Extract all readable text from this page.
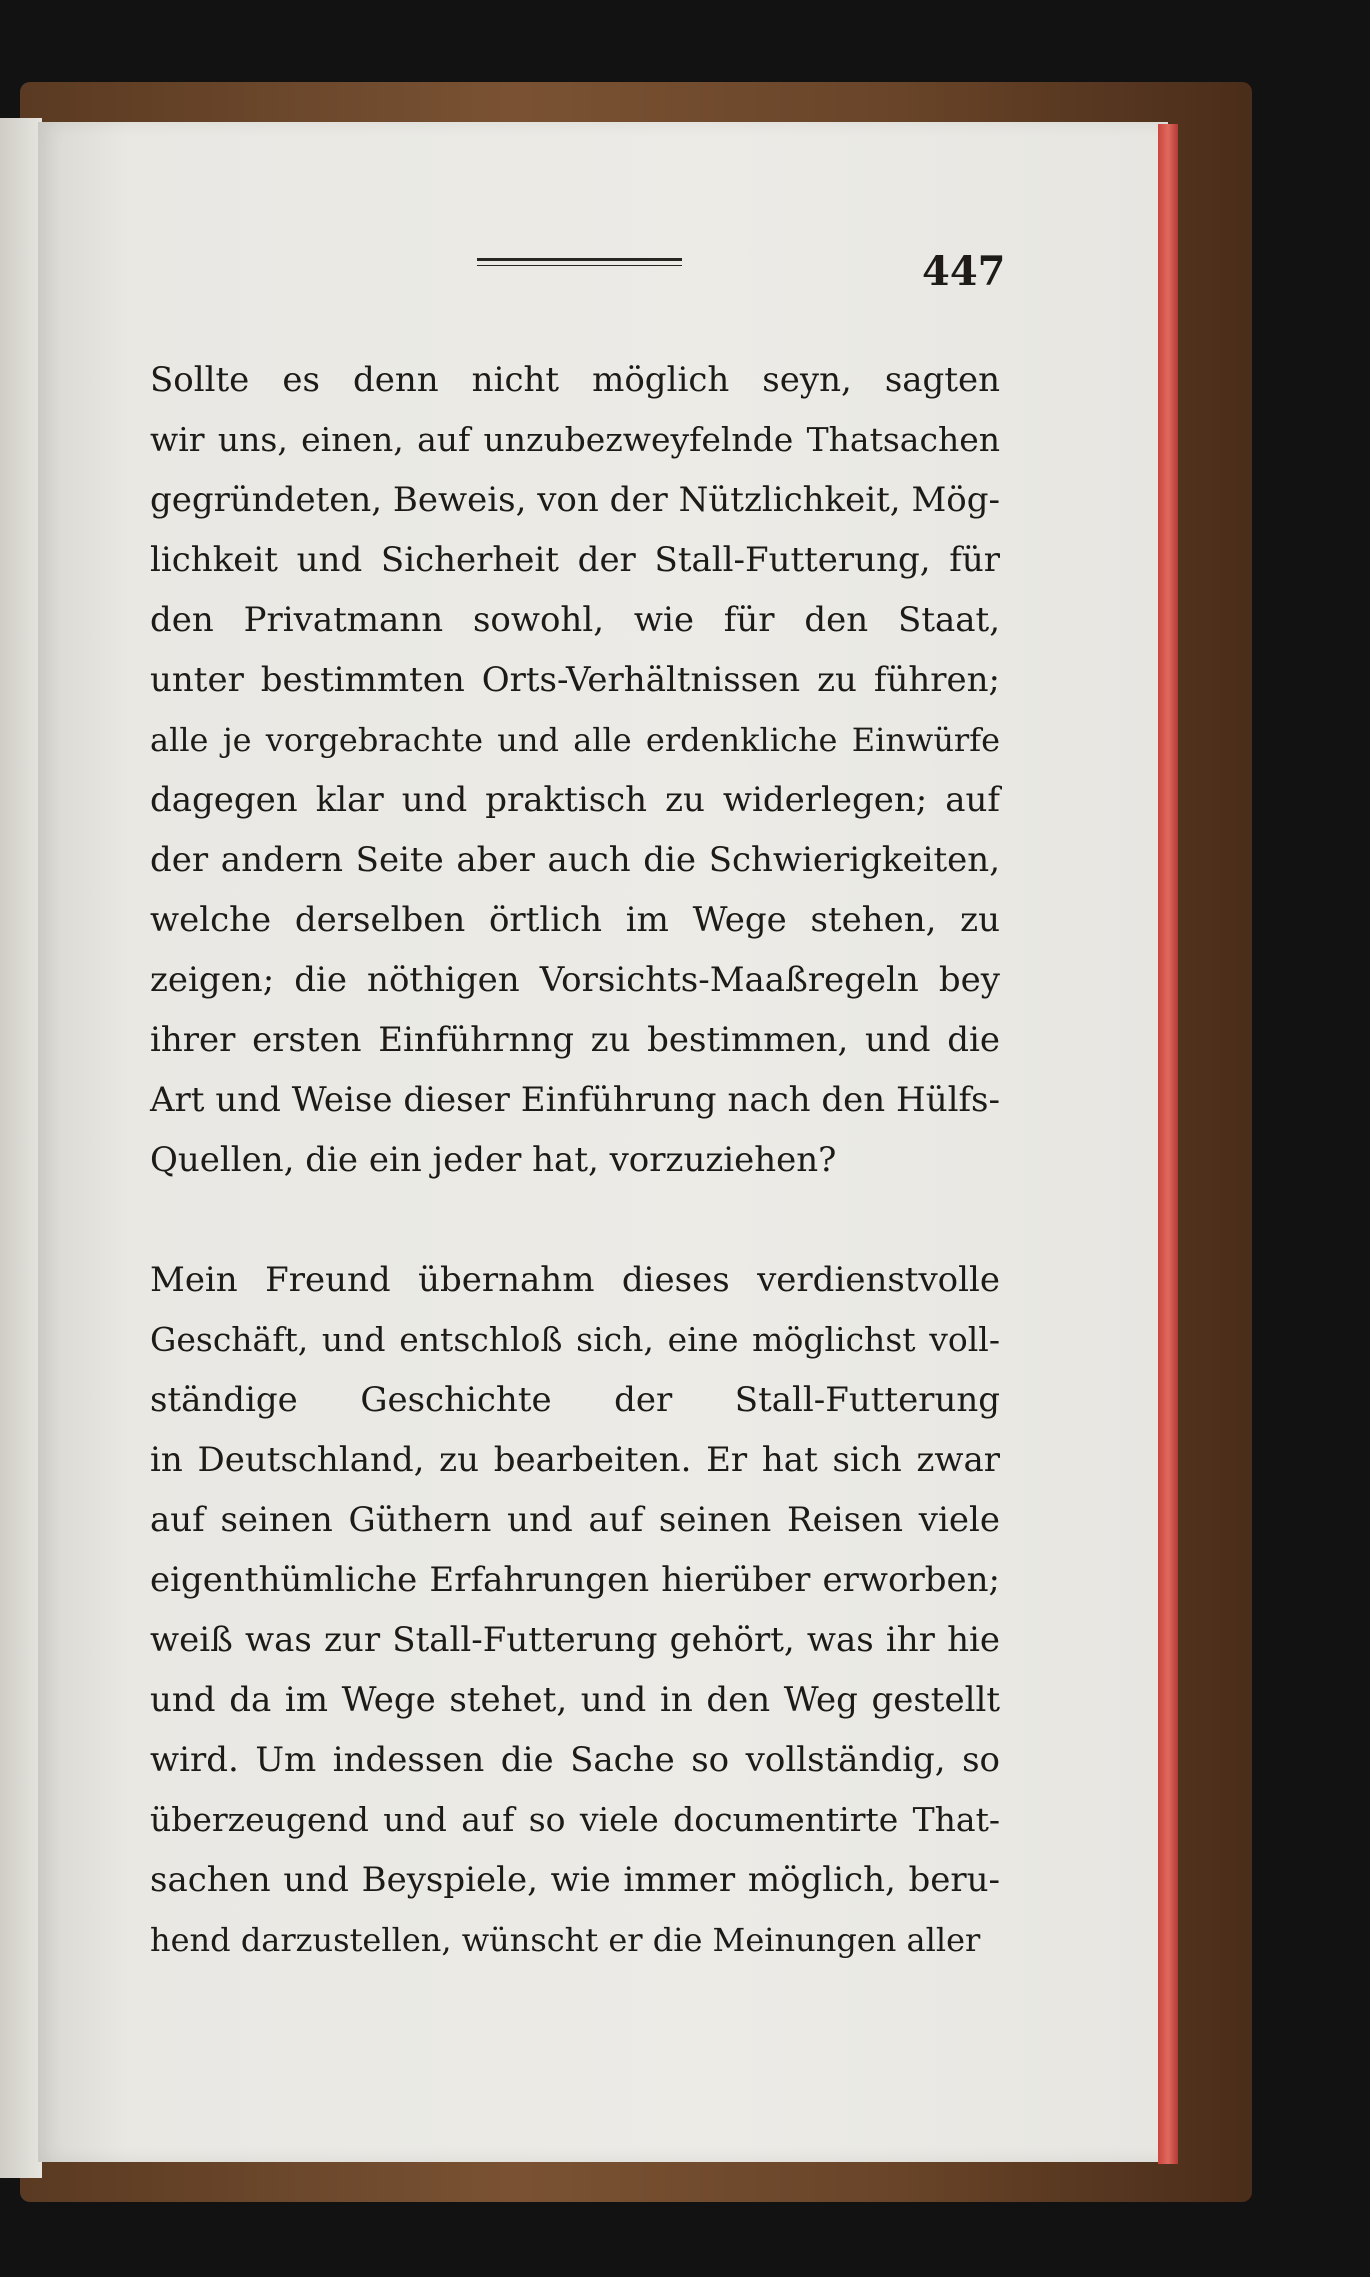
447

Sollte es denn nicht möglich seyn, sagten
wir uns, einen, auf unzubezweyfelnde Thatsachen
gegründeten, Beweis, von der Nützlichkeit, Mög-
lichkeit und Sicherheit der Stall-Futterung, für
den Privatmann sowohl, wie für den Staat,
unter bestimmten Orts-Verhältnissen zu führen;
alle je vorgebrachte und alle erdenkliche Einwürfe
dagegen klar und praktisch zu widerlegen; auf
der andern Seite aber auch die Schwierigkeiten,
welche derselben örtlich im Wege stehen, zu
zeigen; die nöthigen Vorsichts-Maaßregeln bey
ihrer ersten Einführnng zu bestimmen, und die
Art und Weise dieser Einführung nach den Hülfs-
Quellen, die ein jeder hat, vorzuziehen?

Mein Freund übernahm dieses verdienstvolle
Geschäft, und entschloß sich, eine möglichst voll-
ständige Geschichte der Stall-Futterung
in Deutschland, zu bearbeiten. Er hat sich zwar
auf seinen Güthern und auf seinen Reisen viele
eigenthümliche Erfahrungen hierüber erworben;
weiß was zur Stall-Futterung gehört, was ihr hie
und da im Wege stehet, und in den Weg gestellt
wird. Um indessen die Sache so vollständig, so
überzeugend und auf so viele documentirte That-
sachen und Beyspiele, wie immer möglich, beru-
hend darzustellen, wünscht er die Meinungen aller
